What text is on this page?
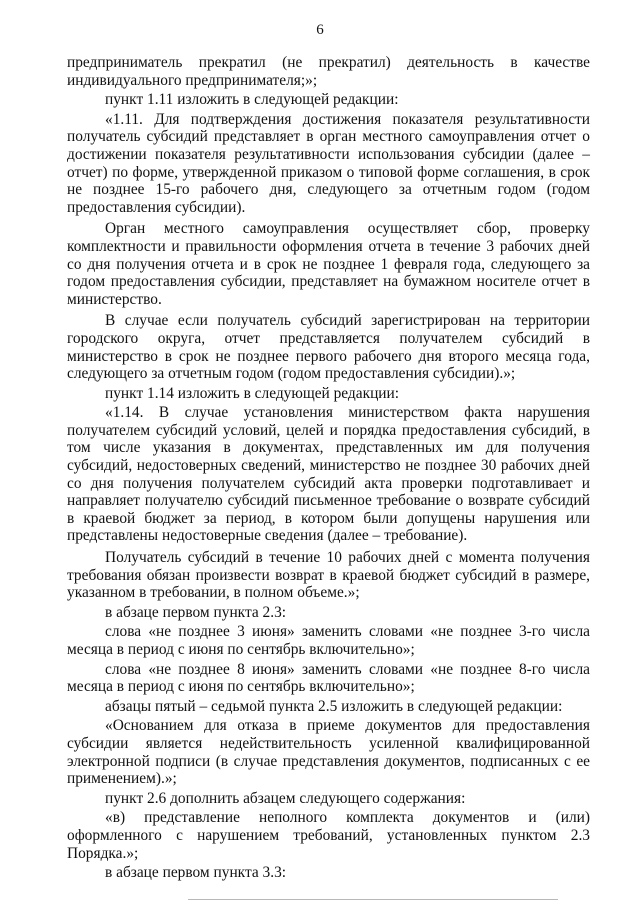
6

предприниматель прекратил (не прекратил) деятельность в качестве индивидуального предпринимателя;»;

пункт 1.11 изложить в следующей редакции:

«1.11. Для подтверждения достижения показателя результативности получатель субсидий представляет в орган местного самоуправления отчет о достижении показателя результативности использования субсидии (далее – отчет) по форме, утвержденной приказом о типовой форме соглашения, в срок не позднее 15-го рабочего дня, следующего за отчетным годом (годом предоставления субсидии).

Орган местного самоуправления осуществляет сбор, проверку комплектности и правильности оформления отчета в течение 3 рабочих дней со дня получения отчета и в срок не позднее 1 февраля года, следующего за годом предоставления субсидии, представляет на бумажном носителе отчет в министерство.

В случае если получатель субсидий зарегистрирован на территории городского округа, отчет представляется получателем субсидий в министерство в срок не позднее первого рабочего дня второго месяца года, следующего за отчетным годом (годом предоставления субсидии).»;

пункт 1.14 изложить в следующей редакции:

«1.14. В случае установления министерством факта нарушения получателем субсидий условий, целей и порядка предоставления субсидий, в том числе указания в документах, представленных им для получения субсидий, недостоверных сведений, министерство не позднее 30 рабочих дней со дня получения получателем субсидий акта проверки подготавливает и направляет получателю субсидий письменное требование о возврате субсидий в краевой бюджет за период, в котором были допущены нарушения или представлены недостоверные сведения (далее – требование).

Получатель субсидий в течение 10 рабочих дней с момента получения требования обязан произвести возврат в краевой бюджет субсидий в размере, указанном в требовании, в полном объеме.»;

в абзаце первом пункта 2.3:

слова «не позднее 3 июня» заменить словами «не позднее 3-го числа месяца в период с июня по сентябрь включительно»;

слова «не позднее 8 июня» заменить словами «не позднее 8-го числа месяца в период с июня по сентябрь включительно»;

абзацы пятый – седьмой пункта 2.5 изложить в следующей редакции:

«Основанием для отказа в приеме документов для предоставления субсидии является недействительность усиленной квалифицированной электронной подписи (в случае представления документов, подписанных с ее применением).»;

пункт 2.6 дополнить абзацем следующего содержания:

«в) представление неполного комплекта документов и (или) оформленного с нарушением требований, установленных пунктом 2.3 Порядка.»;

в абзаце первом пункта 3.3:
